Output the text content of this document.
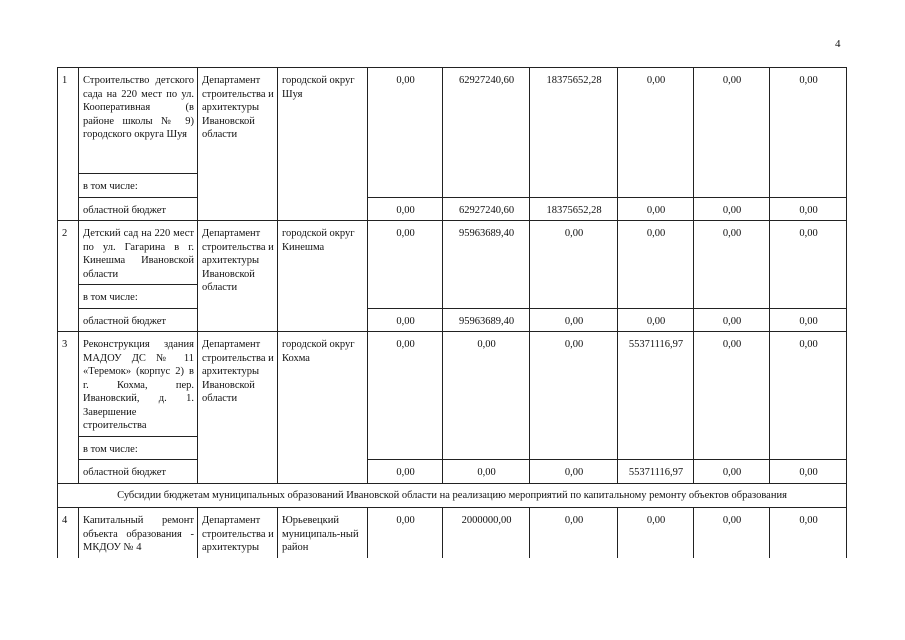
4
1	Строительство детского сада на 220 мест по ул. Кооперативная (в районе школы № 9) городского округа Шуя	Департамент строительства и архитектуры Ивановской области	городской округ Шуя	0,00	62927240,60	18375652,28	0,00	0,00	0,00
	в том числе:								
	областной бюджет			0,00	62927240,60	18375652,28	0,00	0,00	0,00
2	Детский сад на 220 мест по ул. Гагарина в г. Кинешма Ивановской области	Департамент строительства и архитектуры Ивановской области	городской округ Кинешма	0,00	95963689,40	0,00	0,00	0,00	0,00
	в том числе:								
	областной бюджет			0,00	95963689,40	0,00	0,00	0,00	0,00
3	Реконструкция здания МАДОУ ДС № 11 «Теремок» (корпус 2) в г. Кохма, пер. Ивановский, д. 1. Завершение строительства	Департамент строительства и архитектуры Ивановской области	городской округ Кохма	0,00	0,00	0,00	55371116,97	0,00	0,00
	в том числе:								
	областной бюджет			0,00	0,00	0,00	55371116,97	0,00	0,00
Субсидии бюджетам муниципальных образований Ивановской области на реализацию мероприятий по капитальному ремонту объектов образования									
4	Капитальный ремонт объекта образования - МКДОУ № 4	Департамент строительства и архитектуры	Юрьевецкий муниципаль-ный район	0,00	2000000,00	0,00	0,00	0,00	0,00
